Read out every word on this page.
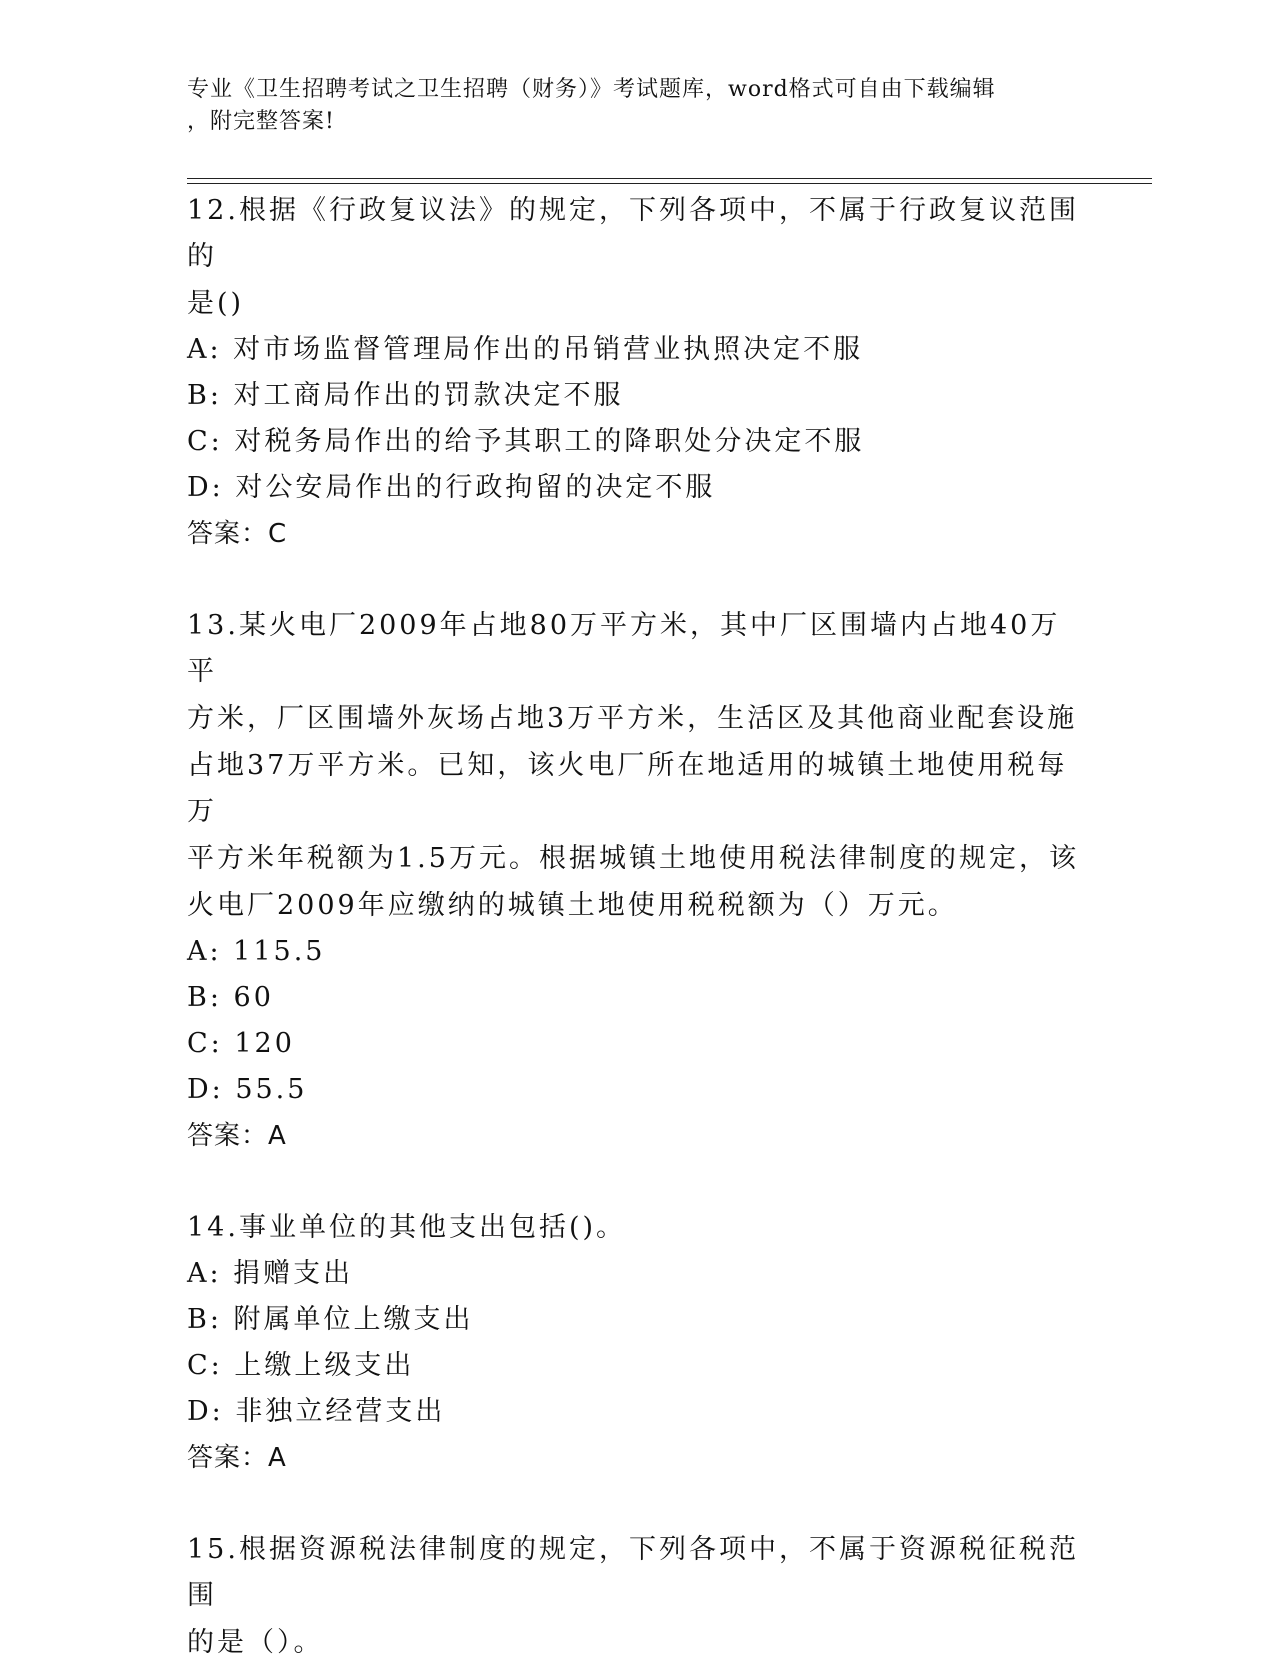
专业《卫生招聘考试之卫生招聘（财务）》考试题库，word格式可自由下载编辑
，附完整答案!

12.根据《行政复议法》的规定，下列各项中，不属于行政复议范围的

是()

A: 对市场监督管理局作出的吊销营业执照决定不服

B: 对工商局作出的罚款决定不服

C: 对税务局作出的给予其职工的降职处分决定不服

D: 对公安局作出的行政拘留的决定不服

答案：C

13.某火电厂2009年占地80万平方米，其中厂区围墙内占地40万平

方米，厂区围墙外灰场占地3万平方米，生活区及其他商业配套设施

占地37万平方米。已知，该火电厂所在地适用的城镇土地使用税每万

平方米年税额为1.5万元。根据城镇土地使用税法律制度的规定，该

火电厂2009年应缴纳的城镇土地使用税税额为（）万元。

A: 115.5

B: 60

C: 120

D: 55.5

答案：A

14.事业单位的其他支出包括()。

A: 捐赠支出

B: 附属单位上缴支出

C: 上缴上级支出

D: 非独立经营支出

答案：A

15.根据资源税法律制度的规定，下列各项中，不属于资源税征税范围

的是（）。
